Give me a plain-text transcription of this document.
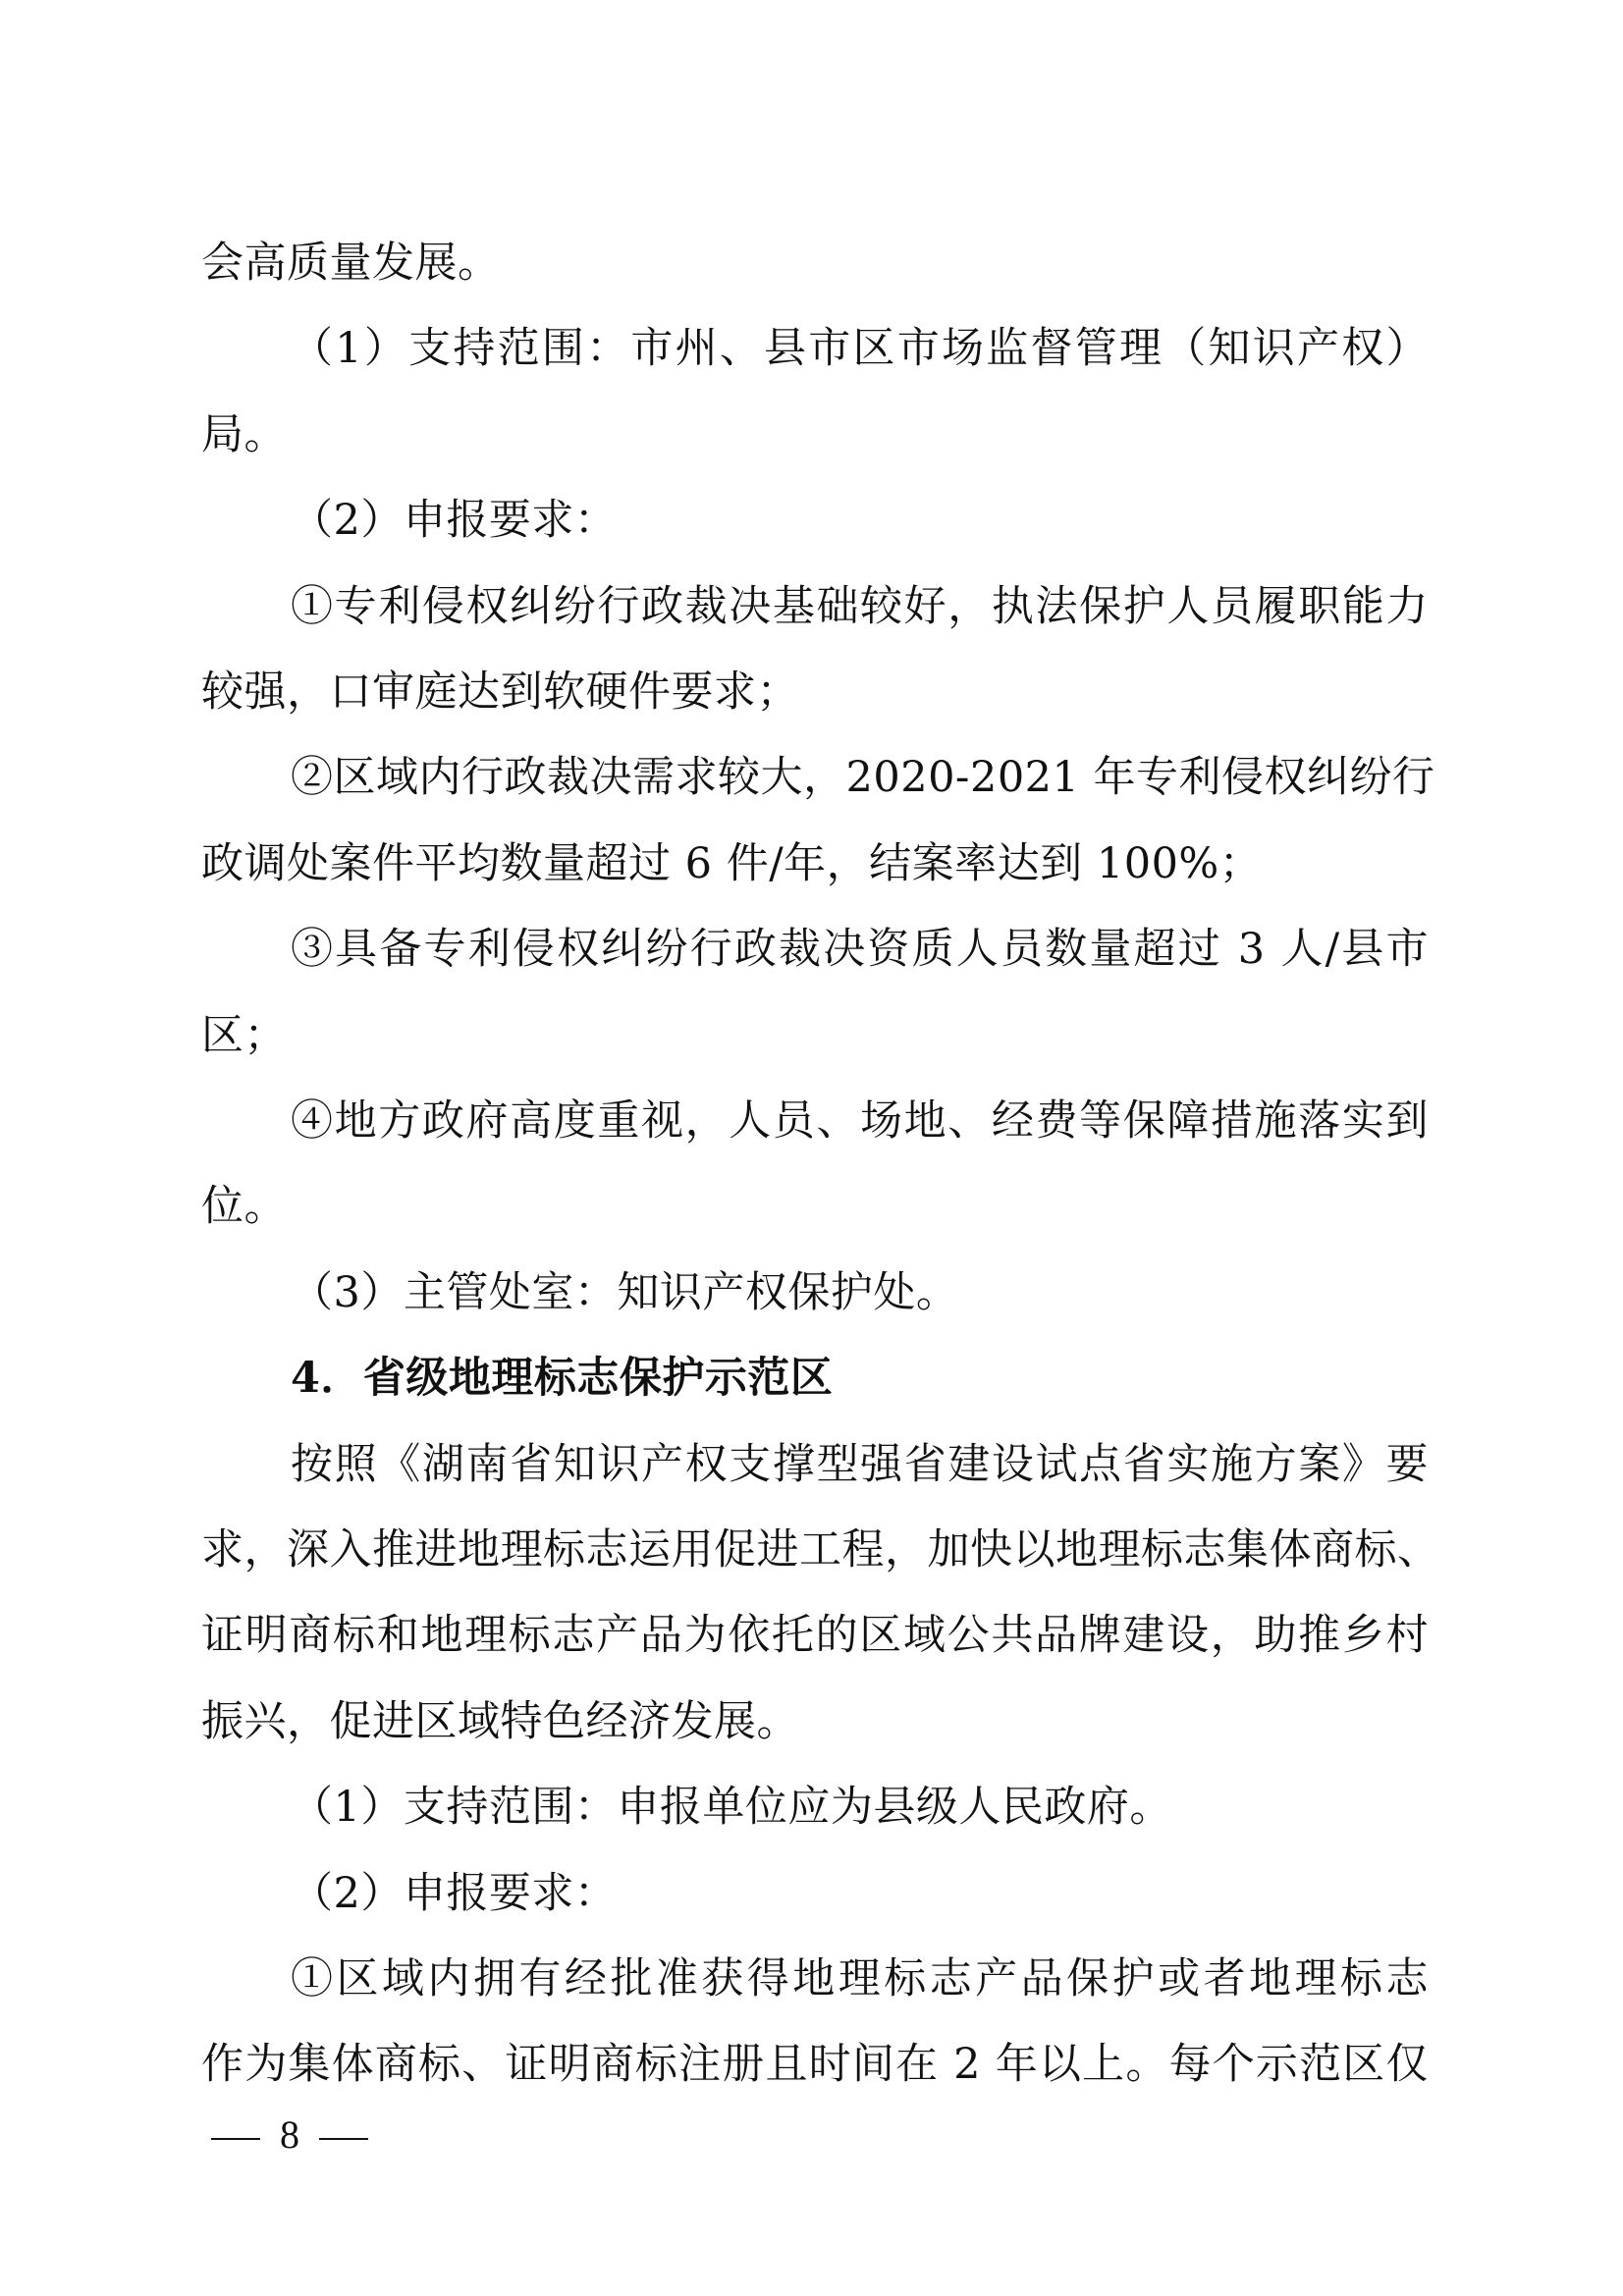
会高质量发展。
（1）支持范围：市州、县市区市场监督管理（知识产权）
局。
（2）申报要求：
①专利侵权纠纷行政裁决基础较好，执法保护人员履职能力
较强，口审庭达到软硬件要求；
②区域内行政裁决需求较大，2020-2021 年专利侵权纠纷行
政调处案件平均数量超过 6 件/年，结案率达到 100%；
③具备专利侵权纠纷行政裁决资质人员数量超过 3 人/县市
区；
④地方政府高度重视，人员、场地、经费等保障措施落实到
位。
（3）主管处室：知识产权保护处。
4．省级地理标志保护示范区
按照《湖南省知识产权支撑型强省建设试点省实施方案》要
求，深入推进地理标志运用促进工程，加快以地理标志集体商标、
证明商标和地理标志产品为依托的区域公共品牌建设，助推乡村
振兴，促进区域特色经济发展。
（1）支持范围：申报单位应为县级人民政府。
（2）申报要求：
①区域内拥有经批准获得地理标志产品保护或者地理标志
作为集体商标、证明商标注册且时间在 2 年以上。每个示范区仅
8
